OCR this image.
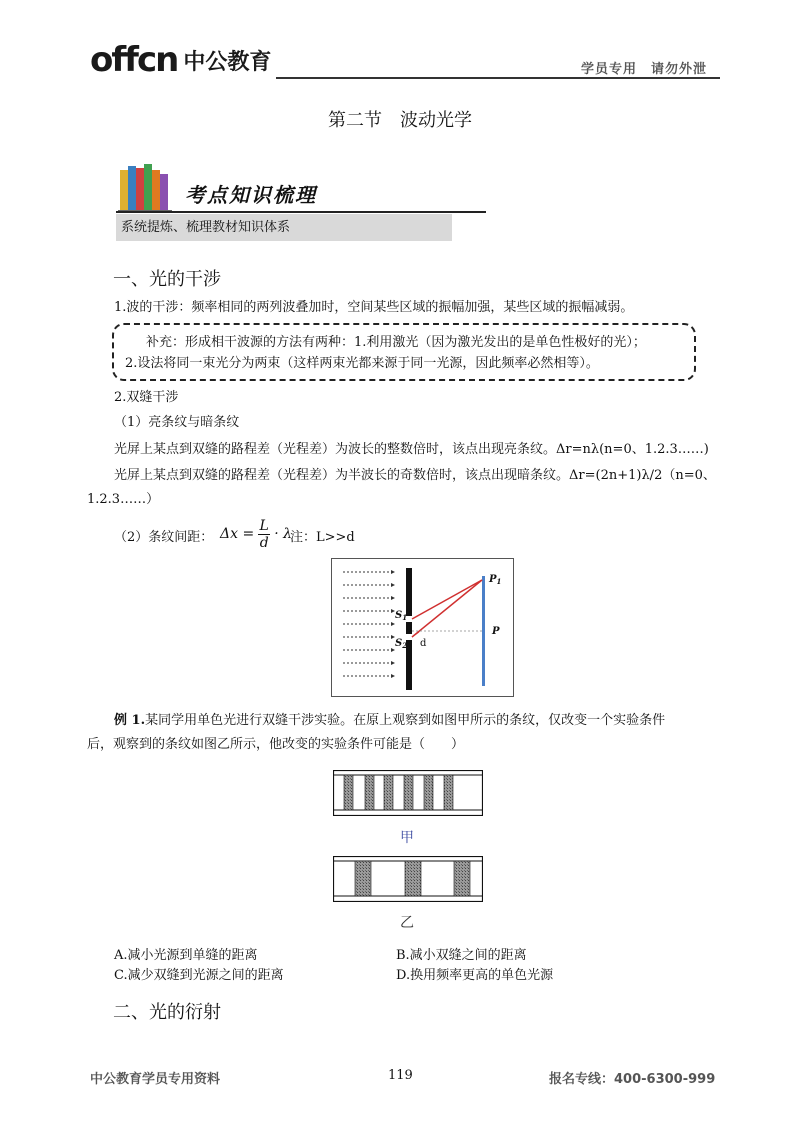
offcn 中公教育	学员专用　请勿外泄
第二节　波动光学
考点知识梳理
系统提炼、梳理教材知识体系
一、光的干涉
1.波的干涉：频率相同的两列波叠加时，空间某些区域的振幅加强，某些区域的振幅减弱。
补充：形成相干波源的方法有两种：1.利用激光（因为激光发出的是单色性极好的光）；
2.设法将同一束光分为两束（这样两束光都来源于同一光源，因此频率必然相等）。
2.双缝干涉
（1）亮条纹与暗条纹
光屏上某点到双缝的路程差（光程差）为波长的整数倍时，该点出现亮条纹。Δr=nλ(n=0、1.2.3……)
光屏上某点到双缝的路程差（光程差）为半波长的奇数倍时，该点出现暗条纹。Δr=(2n+1)λ/2（n=0、
1.2.3……）
（2）条纹间距： Δx =
L
d
· λ
注：L>>d
$S_1$
$S_2$ d
$P_1$
P
例 1.某同学用单色光进行双缝干涉实验。在原上观察到如图甲所示的条纹，仅改变一个实验条件
后，观察到的条纹如图乙所示，他改变的实验条件可能是（　　）
甲
乙
A.减小光源到单缝的距离	B.减小双缝之间的距离
C.减少双缝到光源之间的距离	D.换用频率更高的单色光源
二、光的衍射
中公教育学员专用资料	119	报名专线：400-6300-999
